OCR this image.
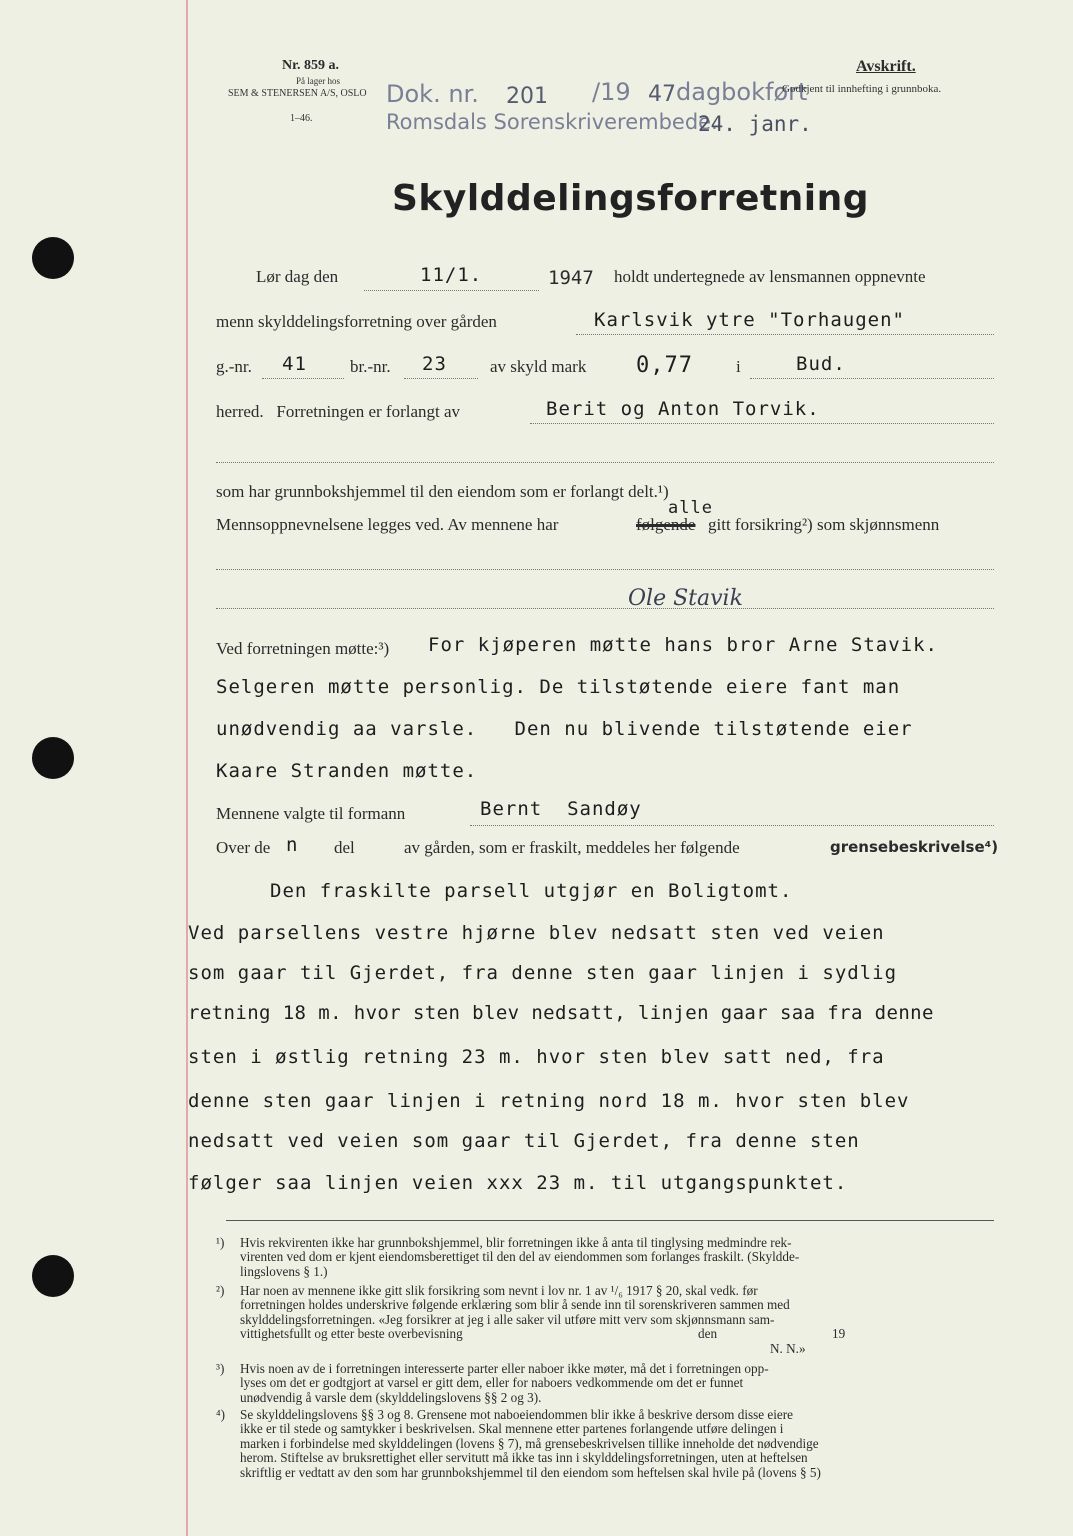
Nr. 859 a.
På lager hos
SEM & STENERSEN A/S, OSLO
1–46.
Dok. nr. 201 /19 47 dagbokført
Romsdals Sorenskriverembede.
24. janr.
Avskrift.
Godkjent til innhefting i grunnboka.
Skylddelingsforretning
Lør dag den	11/1.	1947 holdt undertegnede av lensmannen oppnevnte
menn skylddelingsforretning over gården	Karlsvik ytre "Torhaugen"
g.-nr. 41	br.-nr. 23	av skyld mark 0,77	i	Bud.
herred.   Forretningen er forlangt av	Berit og Anton Torvik.
som har grunnbokshjemmel til den eiendom som er forlangt delt.¹)
alle
Mennsoppnevnelsene legges ved. Av mennene har	følgende gitt forsikring²) som skjønnsmenn
Ole Stavik
Ved forretningen møtte:³) For kjøperen møtte hans bror Arne Stavik.
Selgeren møtte personlig. De tilstøtende eiere fant man
unødvendig aa varsle.   Den nu blivende tilstøtende eier
Kaare Stranden møtte.
Mennene valgte til formann	Bernt  Sandøy
Over de n del	av gården, som er fraskilt, meddeles her følgende	grensebeskrivelse⁴)
Den fraskilte parsell utgjør en Boligtomt.
Ved parsellens vestre hjørne blev nedsatt sten ved veien
som gaar til Gjerdet, fra denne sten gaar linjen i sydlig
retning 18 m. hvor sten blev nedsatt, linjen gaar saa fra denne
sten i østlig retning 23 m. hvor sten blev satt ned, fra
denne sten gaar linjen i retning nord 18 m. hvor sten blev
nedsatt ved veien som gaar til Gjerdet, fra denne sten
følger saa linjen veien xxx 23 m. til utgangspunktet.
¹) Hvis rekvirenten ikke har grunnbokshjemmel, blir forretningen ikke å anta til tinglysing medmindre rek-
virenten ved dom er kjent eiendomsberettiget til den del av eiendommen som forlanges fraskilt. (Skyldde-
lingslovens § 1.)
²) Har noen av mennene ikke gitt slik forsikring som nevnt i lov nr. 1 av ¹/₆ 1917 § 20, skal vedk. før
forretningen holdes underskrive følgende erklæring som blir å sende inn til sorenskriveren sammen med
skylddelingsforretningen. «Jeg forsikrer at jeg i alle saker vil utføre mitt verv som skjønnsmann sam-
vittighetsfullt og etter beste overbevisning	den	19
N. N.»
³) Hvis noen av de i forretningen interesserte parter eller naboer ikke møter, må det i forretningen opp-
lyses om det er godtgjort at varsel er gitt dem, eller for naboers vedkommende om det er funnet
unødvendig å varsle dem (skylddelingslovens §§ 2 og 3).
⁴) Se skylddelingslovens §§ 3 og 8. Grensene mot naboeiendommen blir ikke å beskrive dersom disse eiere
ikke er til stede og samtykker i beskrivelsen. Skal mennene etter partenes forlangende utføre delingen i
marken i forbindelse med skylddelingen (lovens § 7), må grensebeskrivelsen tillike inneholde det nødvendige
herom. Stiftelse av bruksrettighet eller servitutt må ikke tas inn i skylddelingsforretningen, uten at heftelsen
skriftlig er vedtatt av den som har grunnbokshjemmel til den eiendom som heftelsen skal hvile på (lovens § 5)
